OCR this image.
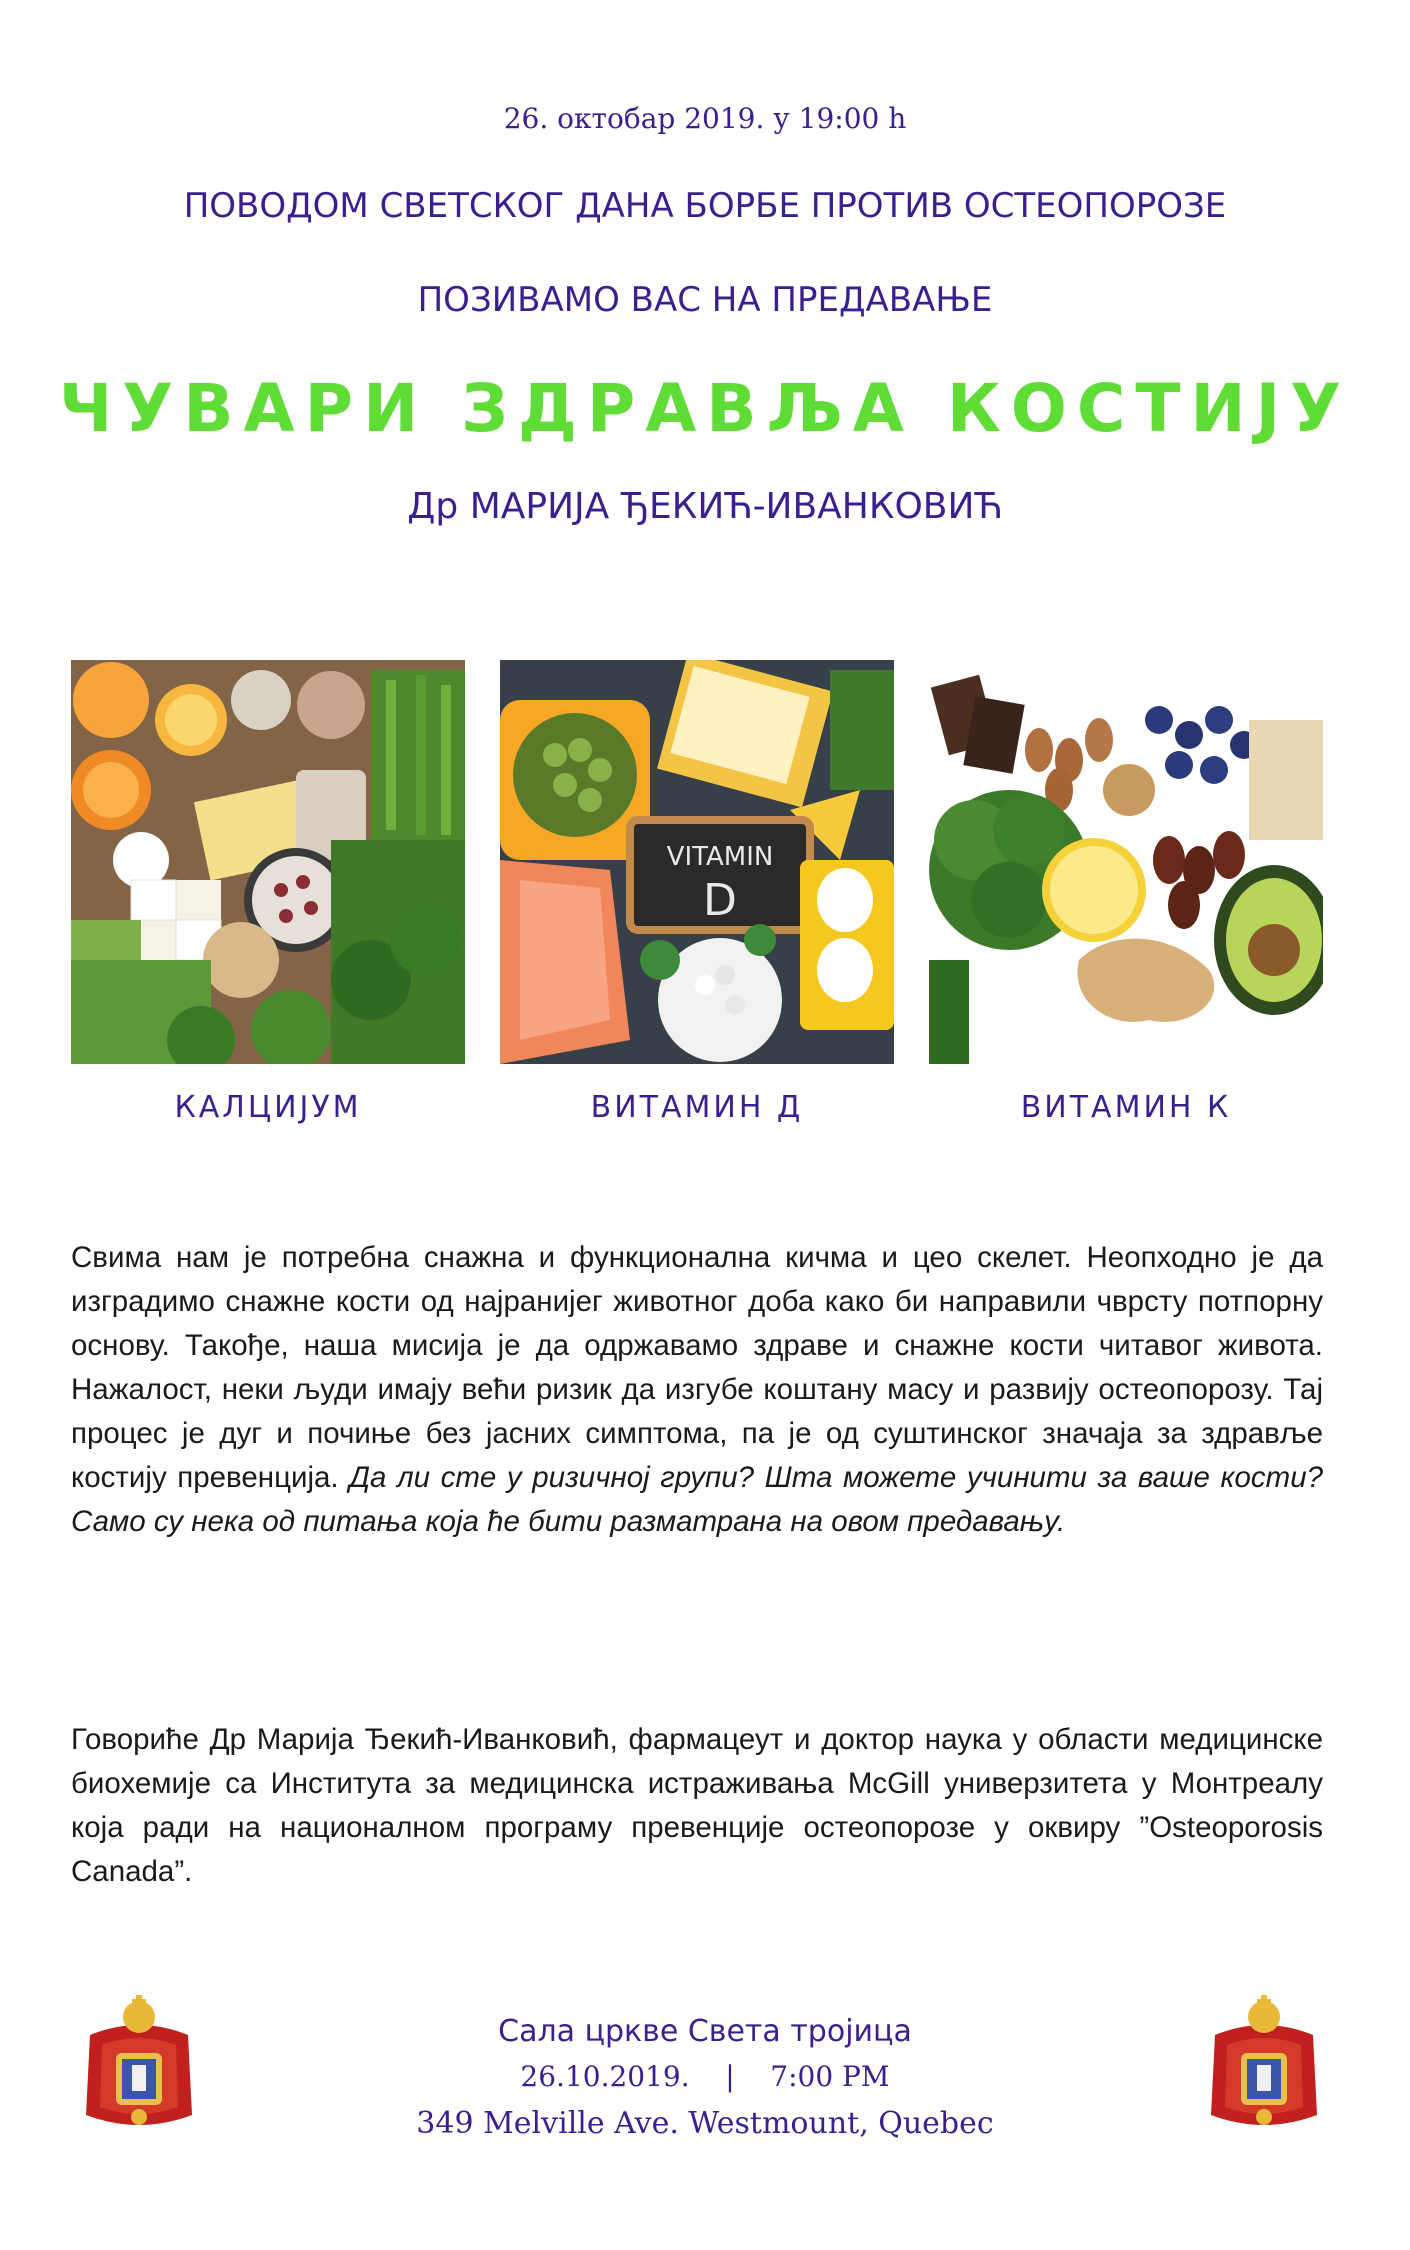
26. октобар 2019. у 19:00 h
ПОВОДОМ СВЕТСКОГ ДАНА БОРБЕ ПРОТИВ ОСТЕОПОРОЗЕ
ПОЗИВАМО ВАС НА ПРЕДАВАЊЕ
ЧУВАРИ ЗДРАВЉА КОСТИЈУ
Др МАРИЈА ЂЕКИЋ-ИВАНКОВИЋ
VITAMIN
D
КАЛЦИЈУМ	ВИТАМИН Д	ВИТАМИН К
Свима нам је потребна снажна и функционална кичма и цео скелет. Неопходно је да изградимо снажне кости од најранијег животног доба како би направили чврсту потпорну основу. Такође, наша мисија је да одржавамо здраве и снажне кости читавог живота. Нажалост, неки људи имају већи ризик да изгубе коштану масу и развију остеопорозу. Тај процес је дуг и почиње без јасних симптома, па је од суштинског значаја за здравље костију превенција. Да ли сте у ризичној групи? Шта можете учинити за ваше кости? Само су нека од питања која ће бити разматрана на овом предавању.
Говориће Др Марија Ђекић-Иванковић, фармацеут и доктор наука у области медицинске биохемије са Института за медицинска истраживања McGill универзитета у Монтреалу која ради на националном програму превенције остеопорозе у оквиру ”Osteoporosis Canada”.
Сала цркве Света тројица
26.10.2019.    |    7:00 PM
349 Melville Ave. Westmount, Quebec
